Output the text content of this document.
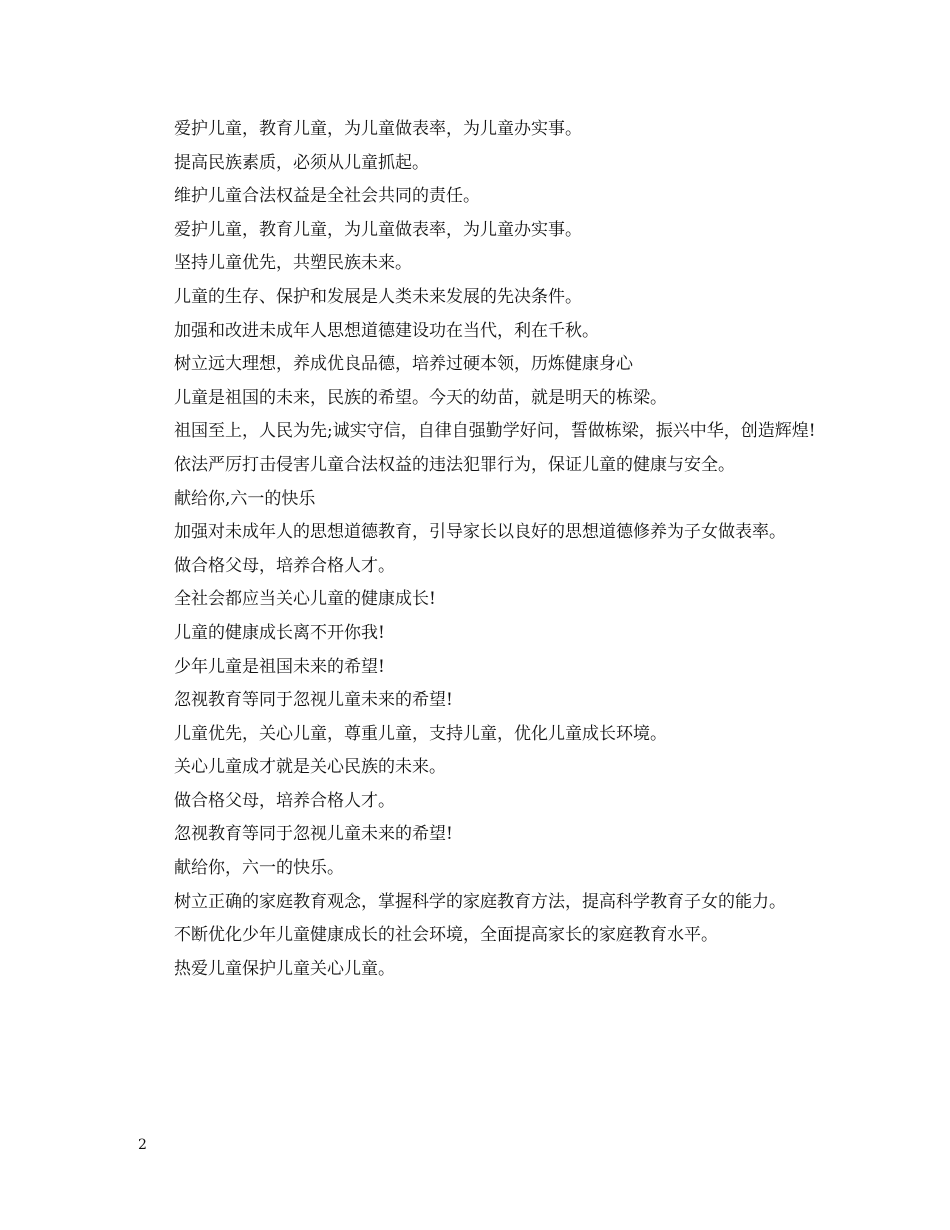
爱护儿童，教育儿童，为儿童做表率，为儿童办实事。

提高民族素质，必须从儿童抓起。

维护儿童合法权益是全社会共同的责任。

爱护儿童，教育儿童，为儿童做表率，为儿童办实事。

坚持儿童优先，共塑民族未来。

儿童的生存、保护和发展是人类未来发展的先决条件。

加强和改进未成年人思想道德建设功在当代，利在千秋。

树立远大理想，养成优良品德，培养过硬本领，历炼健康身心

儿童是祖国的未来，民族的希望。今天的幼苗，就是明天的栋梁。

祖国至上，人民为先;诚实守信，自律自强勤学好问，誓做栋梁，振兴中华，创造辉煌!

依法严厉打击侵害儿童合法权益的违法犯罪行为，保证儿童的健康与安全。

献给你,六一的快乐

加强对未成年人的思想道德教育，引导家长以良好的思想道德修养为子女做表率。

做合格父母，培养合格人才。

全社会都应当关心儿童的健康成长!

儿童的健康成长离不开你我!

少年儿童是祖国未来的希望!

忽视教育等同于忽视儿童未来的希望!

儿童优先，关心儿童，尊重儿童，支持儿童，优化儿童成长环境。

关心儿童成才就是关心民族的未来。

做合格父母，培养合格人才。

忽视教育等同于忽视儿童未来的希望!

献给你，六一的快乐。

树立正确的家庭教育观念，掌握科学的家庭教育方法，提高科学教育子女的能力。

不断优化少年儿童健康成长的社会环境，全面提高家长的家庭教育水平。

热爱儿童保护儿童关心儿童。

2
